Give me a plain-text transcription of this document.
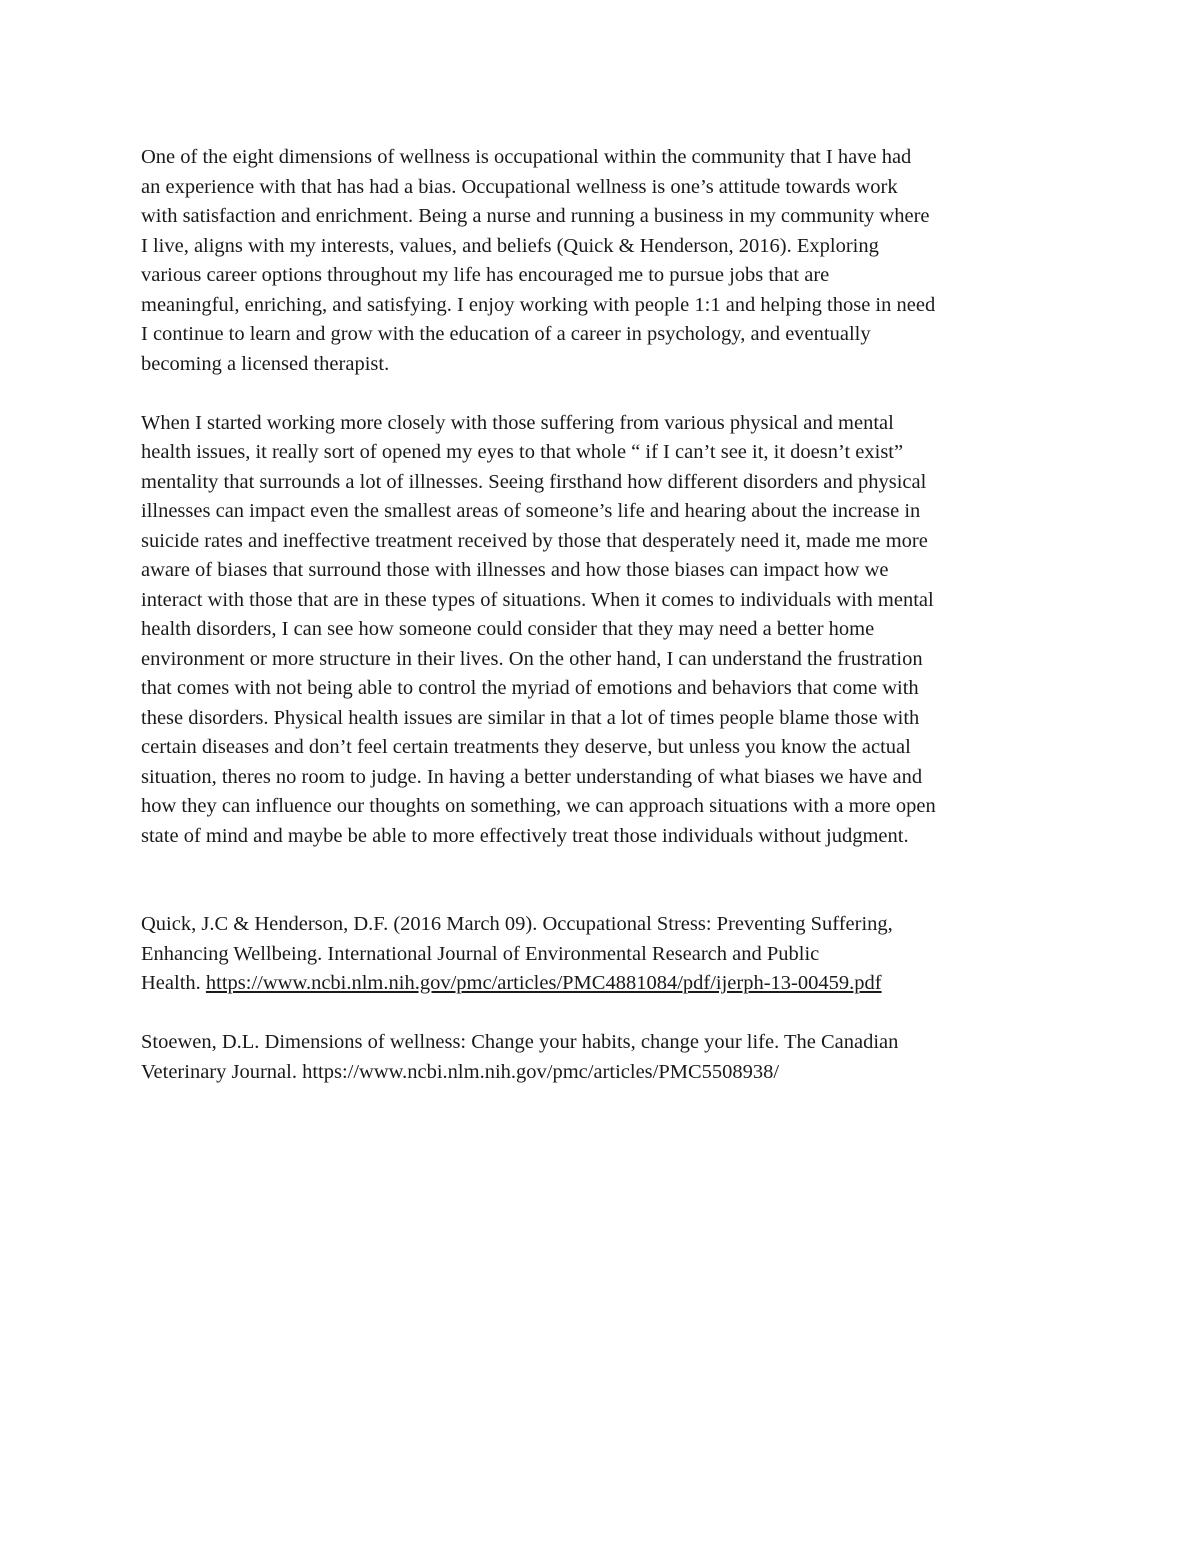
One of the eight dimensions of wellness is occupational within the community that I have had
an experience with that has had a bias. Occupational wellness is one’s attitude towards work
with satisfaction and enrichment. Being a nurse and running a business in my community where
I live, aligns with my interests, values, and beliefs (Quick & Henderson, 2016). Exploring
various career options throughout my life has encouraged me to pursue jobs that are
meaningful, enriching, and satisfying. I enjoy working with people 1:1 and helping those in need
I continue to learn and grow with the education of a career in psychology, and eventually
becoming a licensed therapist.

When I started working more closely with those suffering from various physical and mental
health issues, it really sort of opened my eyes to that whole “ if I can’t see it, it doesn’t exist”
mentality that surrounds a lot of illnesses. Seeing firsthand how different disorders and physical
illnesses can impact even the smallest areas of someone’s life and hearing about the increase in
suicide rates and ineffective treatment received by those that desperately need it, made me more
aware of biases that surround those with illnesses and how those biases can impact how we
interact with those that are in these types of situations. When it comes to individuals with mental
health disorders, I can see how someone could consider that they may need a better home
environment or more structure in their lives. On the other hand, I can understand the frustration
that comes with not being able to control the myriad of emotions and behaviors that come with
these disorders. Physical health issues are similar in that a lot of times people blame those with
certain diseases and don’t feel certain treatments they deserve, but unless you know the actual
situation, theres no room to judge. In having a better understanding of what biases we have and
how they can influence our thoughts on something, we can approach situations with a more open
state of mind and maybe be able to more effectively treat those individuals without judgment.

Quick, J.C & Henderson, D.F. (2016 March 09). Occupational Stress: Preventing Suffering,
Enhancing Wellbeing. International Journal of Environmental Research and Public
Health. https://www.ncbi.nlm.nih.gov/pmc/articles/PMC4881084/pdf/ijerph-13-00459.pdf

Stoewen, D.L. Dimensions of wellness: Change your habits, change your life. The Canadian
Veterinary Journal. https://www.ncbi.nlm.nih.gov/pmc/articles/PMC5508938/
